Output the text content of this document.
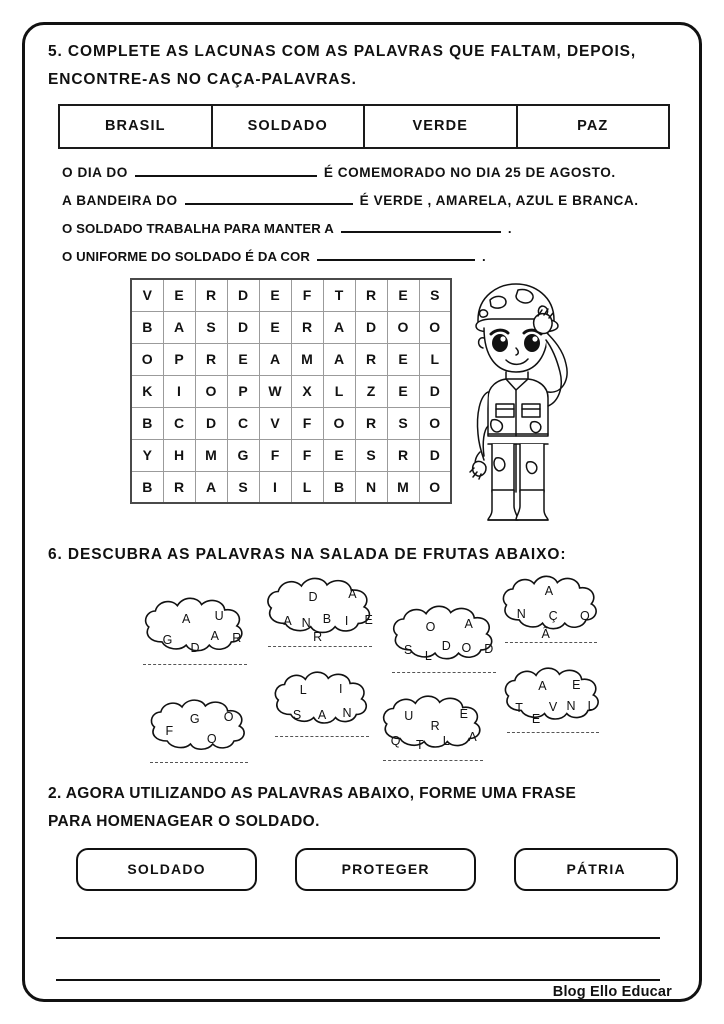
5. COMPLETE AS LACUNAS COM AS PALAVRAS QUE FALTAM, DEPOIS,
ENCONTRE-AS NO CAÇA-PALAVRAS.
BRASIL	SOLDADO	VERDE	PAZ
O DIA DO	É COMEMORADO NO DIA 25 DE AGOSTO.
A BANDEIRA DO	É VERDE , AMARELA, AZUL E BRANCA.
O SOLDADO TRABALHA PARA MANTER A	.
O UNIFORME DO SOLDADO É DA COR	.
V	E	R	D	E	F	T	R	E	S
B	A	S	D	E	R	A	D	O	O
O	P	R	E	A	M	A	R	E	L
K	I	O	P	W	X	L	Z	E	D
B	C	D	C	V	F	O	R	S	O
Y	H	M	G	F	F	E	S	R	D
B	R	A	S	I	L	B	N	M	O
6. DESCUBRA AS PALAVRAS NA SALADA DE FRUTAS ABAIXO:
G
A
D
A
U
R
D A
A N B
R
I E	O A
S L
D O D
A
N Ç O
Ã
A E
T
E
V N L
L	I
S A N
F
G O
O
U
R
E
Q T L A
2. AGORA UTILIZANDO AS PALAVRAS ABAIXO, FORME UMA FRASE
PARA HOMENAGEAR O SOLDADO.
SOLDADO	PROTEGER	PÁTRIA
Blog Ello Educar
